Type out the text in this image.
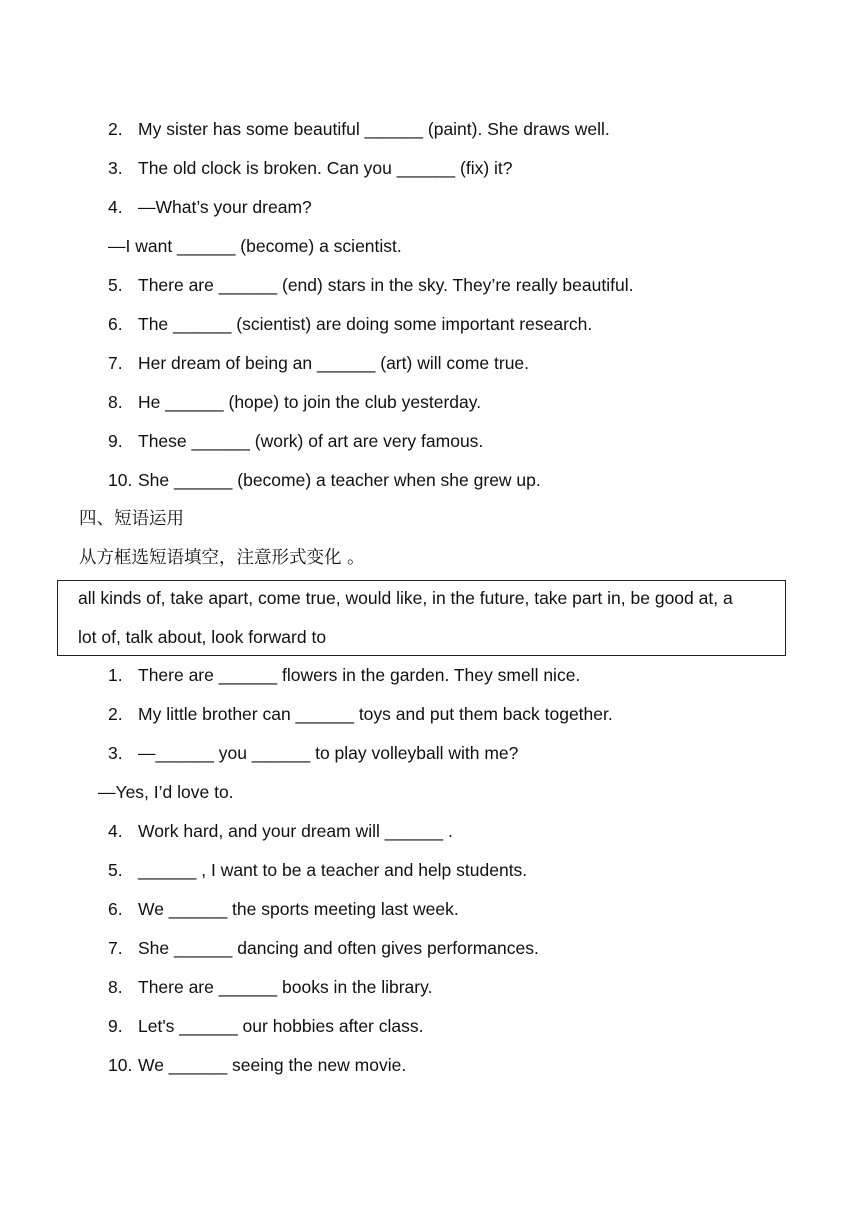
2. My sister has some beautiful ______ (paint). She draws well.
3. The old clock is broken. Can you ______ (fix) it?
4. —What’s your dream?
—I want ______ (become) a scientist.
5. There are ______ (end) stars in the sky. They’re really beautiful.
6. The ______ (scientist) are doing some important research.
7. Her dream of being an ______ (art) will come true.
8. He ______ (hope) to join the club yesterday.
9. These ______ (work) of art are very famous.
10. She ______ (become) a teacher when she grew up.
四、短语运用
从方框选短语填空，注意形式变化 。
all kinds of, take apart, come true, would like, in the future, take part in, be good at, a
lot of, talk about, look forward to
1. There are ______ flowers in the garden. They smell nice.
2. My little brother can ______ toys and put them back together.
3. —______ you ______ to play volleyball with me?
—Yes, I’d love to.
4. Work hard, and your dream will ______ .
5. ______ , I want to be a teacher and help students.
6. We ______ the sports meeting last week.
7. She ______ dancing and often gives performances.
8. There are ______ books in the library.
9. Let's ______ our hobbies after class.
10. We ______ seeing the new movie.
